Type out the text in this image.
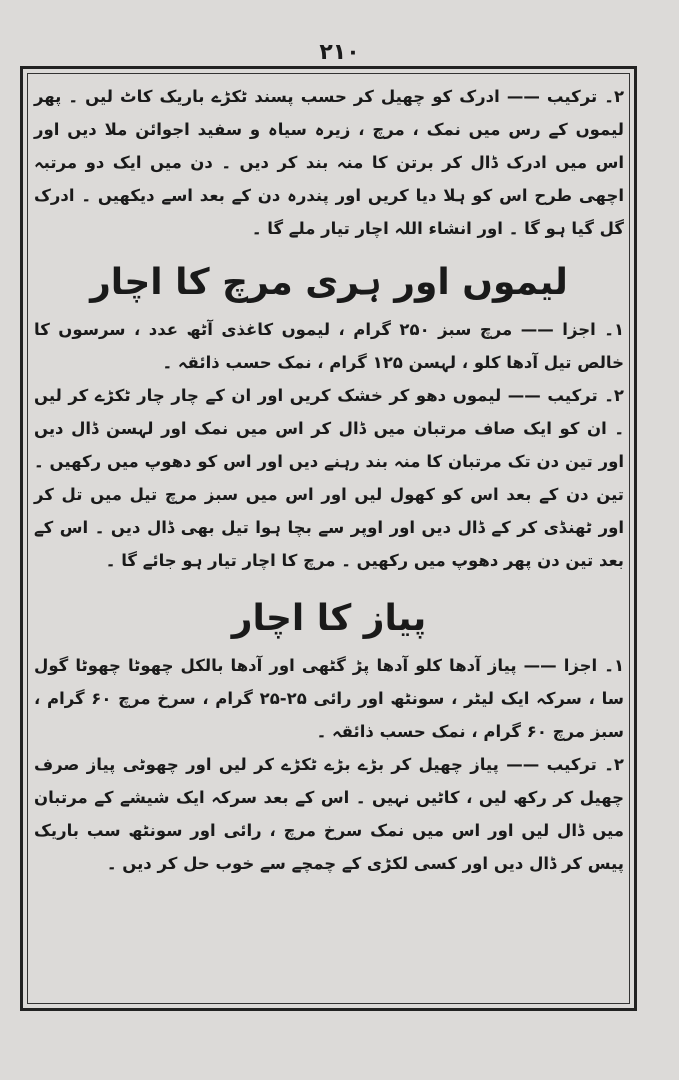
۲۱۰

۲۔ ترکیب —— ادرک کو چھیل کر حسب پسند ٹکڑے باریک کاٹ لیں ۔ پھر لیموں کے رس میں نمک ، مرچ ، زیرہ سیاہ و سفید اجوائن ملا دیں اور اس میں ادرک ڈال کر برتن کا منہ بند کر دیں ۔ دن میں ایک دو مرتبہ اچھی طرح اس کو ہلا دیا کریں اور پندرہ دن کے بعد اسے دیکھیں ۔ ادرک گل گیا ہو گا ۔ اور انشاء اللہ اچار تیار ملے گا ۔

لیموں اور ہری مرچ کا اچار

۱۔ اجزا —— مرچ سبز ۲۵۰ گرام ، لیموں کاغذی آٹھ عدد ، سرسوں کا خالص تیل آدھا کلو ، لہسن ۱۲۵ گرام ، نمک حسب ذائقہ ۔

۲۔ ترکیب —— لیموں دھو کر خشک کریں اور ان کے چار چار ٹکڑے کر لیں ۔ ان کو ایک صاف مرتبان میں ڈال کر اس میں نمک اور لہسن ڈال دیں اور تین دن تک مرتبان کا منہ بند رہنے دیں اور اس کو دھوپ میں رکھیں ۔ تین دن کے بعد اس کو کھول لیں اور اس میں سبز مرچ تیل میں تل کر اور ٹھنڈی کر کے ڈال دیں اور اوپر سے بچا ہوا تیل بھی ڈال دیں ۔ اس کے بعد تین دن پھر دھوپ میں رکھیں ۔ مرچ کا اچار تیار ہو جائے گا ۔

پیاز کا اچار

۱۔ اجزا —— پیاز آدھا کلو آدھا پڑ گٹھی اور آدھا بالکل چھوٹا چھوٹا گول سا ، سرکہ ایک لیٹر ، سونٹھ اور رائی ۲۵-۲۵ گرام ، سرخ مرچ ۶۰ گرام ، سبز مرچ ۶۰ گرام ، نمک حسب ذائقہ ۔

۲۔ ترکیب —— پیاز چھیل کر بڑے بڑے ٹکڑے کر لیں اور چھوٹی پیاز صرف چھیل کر رکھ لیں ، کاٹیں نہیں ۔ اس کے بعد سرکہ ایک شیشے کے مرتبان میں ڈال لیں اور اس میں نمک سرخ مرچ ، رائی اور سونٹھ سب باریک پیس کر ڈال دیں اور کسی لکڑی کے چمچے سے خوب حل کر دیں ۔
